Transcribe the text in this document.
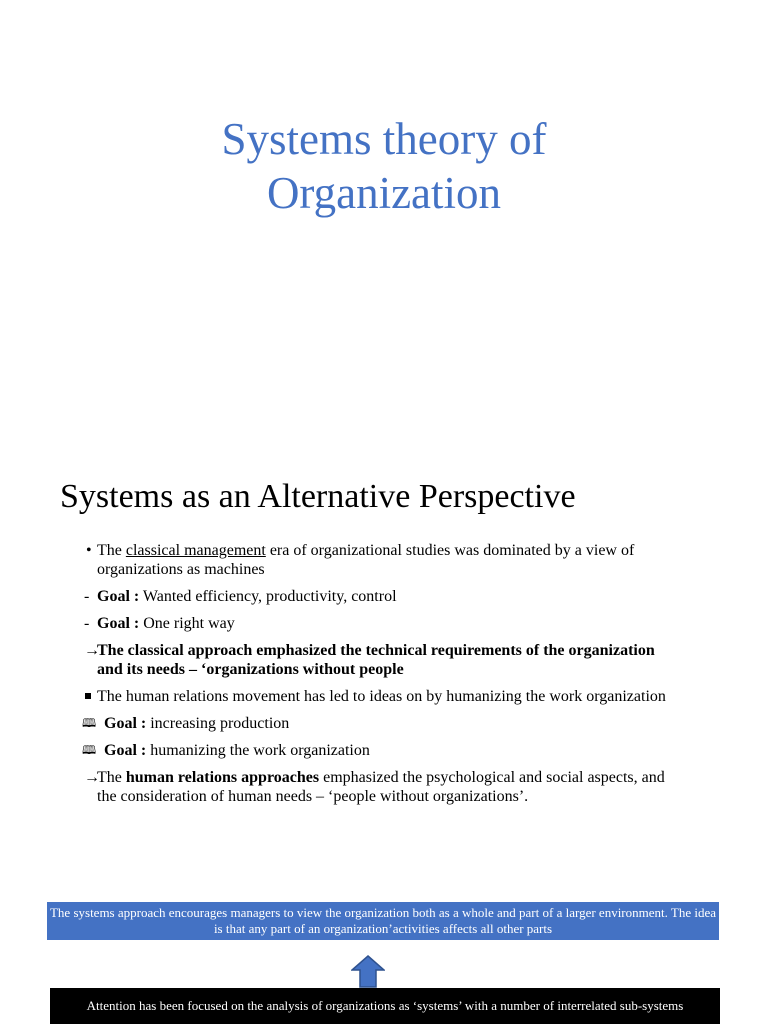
Systems theory of
Organization
Systems as an Alternative Perspective
• The classical management era of organizational studies was dominated by a view of organizations as machines
- Goal : Wanted efficiency, productivity, control
- Goal : One right way
→
The classical approach emphasized the technical requirements of the organization and its needs – ‘organizations without people
The human relations movement has led to ideas on by humanizing the work organization
🕮 Goal : increasing production
🕮 Goal : humanizing the work organization
→
The human relations approaches emphasized the psychological and social aspects, and the consideration of human needs – ‘people without organizations’.
The systems approach encourages managers to view the organization both as a whole and part of a larger environment. The idea is that any part of an organization’activities affects all other parts
Attention has been focused on the analysis of organizations as ‘systems’ with a number of interrelated sub-systems
